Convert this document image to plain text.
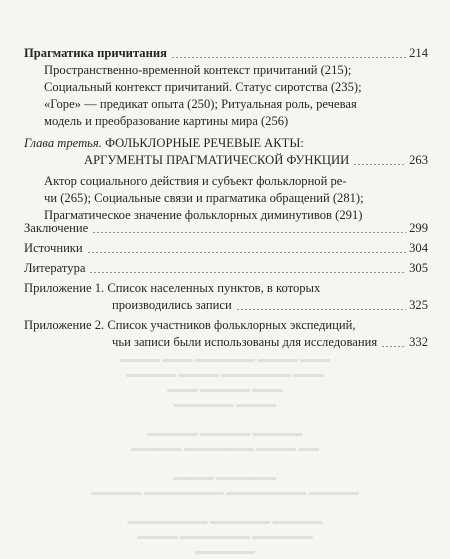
Прагматика причитания	214
Пространственно-временной контекст причитаний (215);
Социальный контекст причитаний. Статус сиротства (235);
«Горе» — предикат опыта (250); Ритуальная роль, речевая
модель и преобразование картины мира (256)
Глава третья. ФОЛЬКЛОРНЫЕ РЕЧЕВЫЕ АКТЫ:
АРГУМЕНТЫ ПРАГМАТИЧЕСКОЙ ФУНКЦИИ	263
Актор социального действия и субъект фольклорной ре-
чи (265); Социальные связи и прагматика обращений (281);
Прагматическое значение фольклорных диминутивов (291)
Заключение	299
Источники	304
Литература	305
Приложение 1. Список населенных пунктов, в которых
производились записи	325
Приложение 2. Список участников фольклорных экспедиций,
чьи записи были использованы для исследования	332
▬▬▬▬ ▬▬▬ ▬▬▬▬▬▬ ▬▬▬▬ ▬▬▬
▬▬▬▬▬ ▬▬▬▬ ▬▬▬▬▬▬▬ ▬▬▬
▬▬▬ ▬▬▬▬▬ ▬▬▬
▬▬▬▬▬▬ ▬▬▬▬
▬▬▬▬▬ ▬▬▬▬▬ ▬▬▬▬▬
▬▬▬▬▬ ▬▬▬▬▬▬▬ ▬▬▬▬ ▬▬
▬▬▬▬ ▬▬▬▬▬▬
▬▬▬▬▬ ▬▬▬▬▬▬▬▬ ▬▬▬▬▬▬▬▬ ▬▬▬▬▬
▬▬▬▬▬▬▬▬ ▬▬▬▬▬▬ ▬▬▬▬▬
▬▬▬▬ ▬▬▬▬▬▬▬ ▬▬▬▬▬▬
▬▬▬▬▬▬
